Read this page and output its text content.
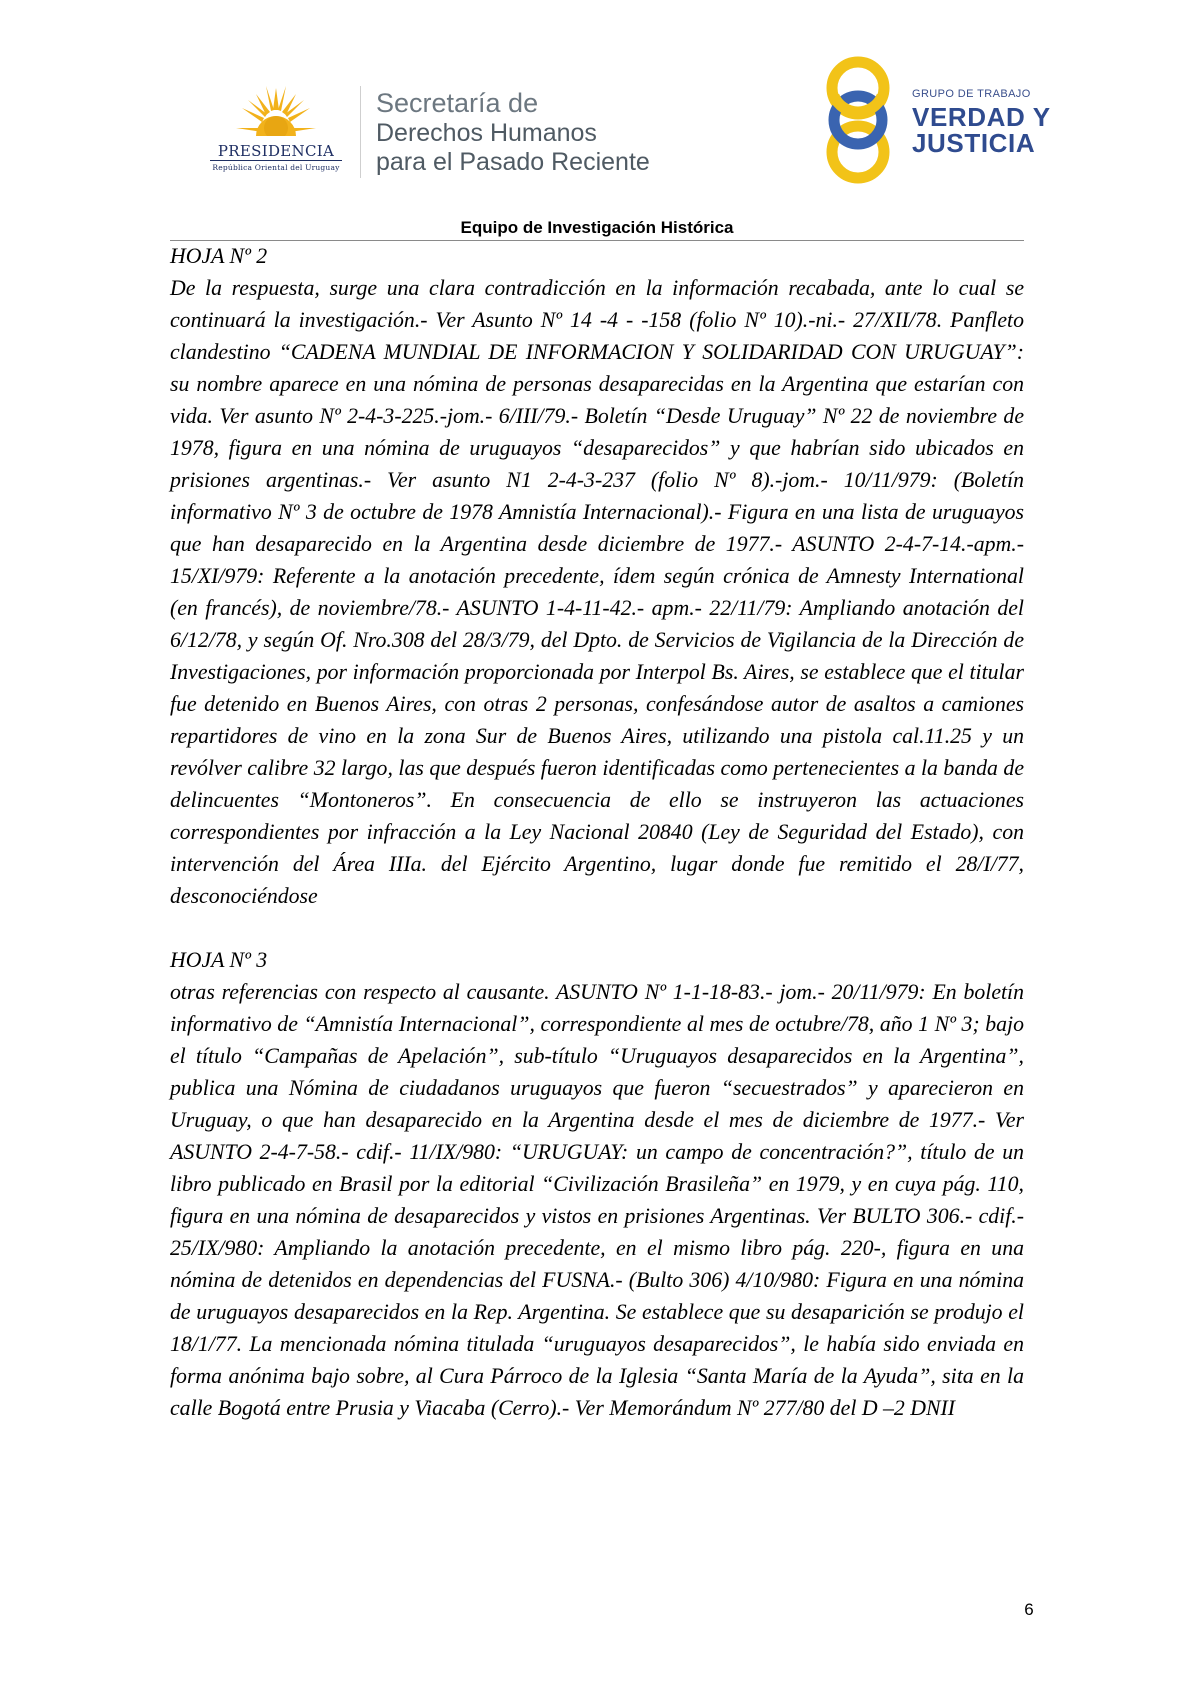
PRESIDENCIA
República Oriental del Uruguay
Secretaría de
Derechos Humanos
para el Pasado Reciente
GRUPO DE TRABAJO
VERDAD Y
JUSTICIA
Equipo de Investigación Histórica

HOJA Nº 2

De la respuesta, surge una clara contradicción en la información recabada, ante lo cual se continuará la investigación.- Ver Asunto Nº 14 -4 - -158 (folio Nº 10).-ni.- 27/XII/78. Panfleto clandestino “CADENA MUNDIAL DE INFORMACION Y SOLIDARIDAD CON URUGUAY”: su nombre aparece en una nómina de personas desaparecidas en la Argentina que estarían con vida. Ver asunto Nº 2-4-3-225.-jom.- 6/III/79.- Boletín “Desde Uruguay” Nº 22 de noviembre de 1978, figura en una nómina de uruguayos “desaparecidos” y que habrían sido ubicados en prisiones argentinas.- Ver asunto N1 2-4-3-237 (folio Nº 8).-jom.- 10/11/979: (Boletín informativo Nº 3 de octubre de 1978 Amnistía Internacional).- Figura en una lista de uruguayos que han desaparecido en la Argentina desde diciembre de 1977.- ASUNTO 2-4-7-14.-apm.- 15/XI/979: Referente a la anotación precedente, ídem según crónica de Amnesty International (en francés), de noviembre/78.- ASUNTO 1-4-11-42.- apm.- 22/11/79: Ampliando anotación del 6/12/78, y según Of. Nro.308 del 28/3/79, del Dpto. de Servicios de Vigilancia de la Dirección de Investigaciones, por información proporcionada por Interpol Bs. Aires, se establece que el titular fue detenido en Buenos Aires, con otras 2 personas, confesándose autor de asaltos a camiones repartidores de vino en la zona Sur de Buenos Aires, utilizando una pistola cal.11.25 y un revólver calibre 32 largo, las que después fueron identificadas como pertenecientes a la banda de delincuentes “Montoneros”. En consecuencia de ello se instruyeron las actuaciones correspondientes por infracción a la Ley Nacional 20840 (Ley de Seguridad del Estado), con intervención del Área IIIa. del Ejército Argentino, lugar donde fue remitido el 28/I/77, desconociéndose

HOJA Nº 3

otras referencias con respecto al causante. ASUNTO Nº 1-1-18-83.- jom.- 20/11/979: En boletín informativo de “Amnistía Internacional”, correspondiente al mes de octubre/78, año 1 Nº 3; bajo el título “Campañas de Apelación”, sub-título “Uruguayos desaparecidos en la Argentina”, publica una Nómina de ciudadanos uruguayos que fueron “secuestrados” y aparecieron en Uruguay, o que han desaparecido en la Argentina desde el mes de diciembre de 1977.- Ver ASUNTO 2-4-7-58.- cdif.- 11/IX/980: “URUGUAY: un campo de concentración?”, título de un libro publicado en Brasil por la editorial “Civilización Brasileña” en 1979, y en cuya pág. 110, figura en una nómina de desaparecidos y vistos en prisiones Argentinas. Ver BULTO 306.- cdif.- 25/IX/980: Ampliando la anotación precedente, en el mismo libro pág. 220-, figura en una nómina de detenidos en dependencias del FUSNA.- (Bulto 306) 4/10/980: Figura en una nómina de uruguayos desaparecidos en la Rep. Argentina. Se establece que su desaparición se produjo el 18/1/77. La mencionada nómina titulada “uruguayos desaparecidos”, le había sido enviada en forma anónima bajo sobre, al Cura Párroco de la Iglesia “Santa María de la Ayuda”, sita en la calle Bogotá entre Prusia y Viacaba (Cerro).- Ver Memorándum Nº 277/80 del D –2 DNII

6
